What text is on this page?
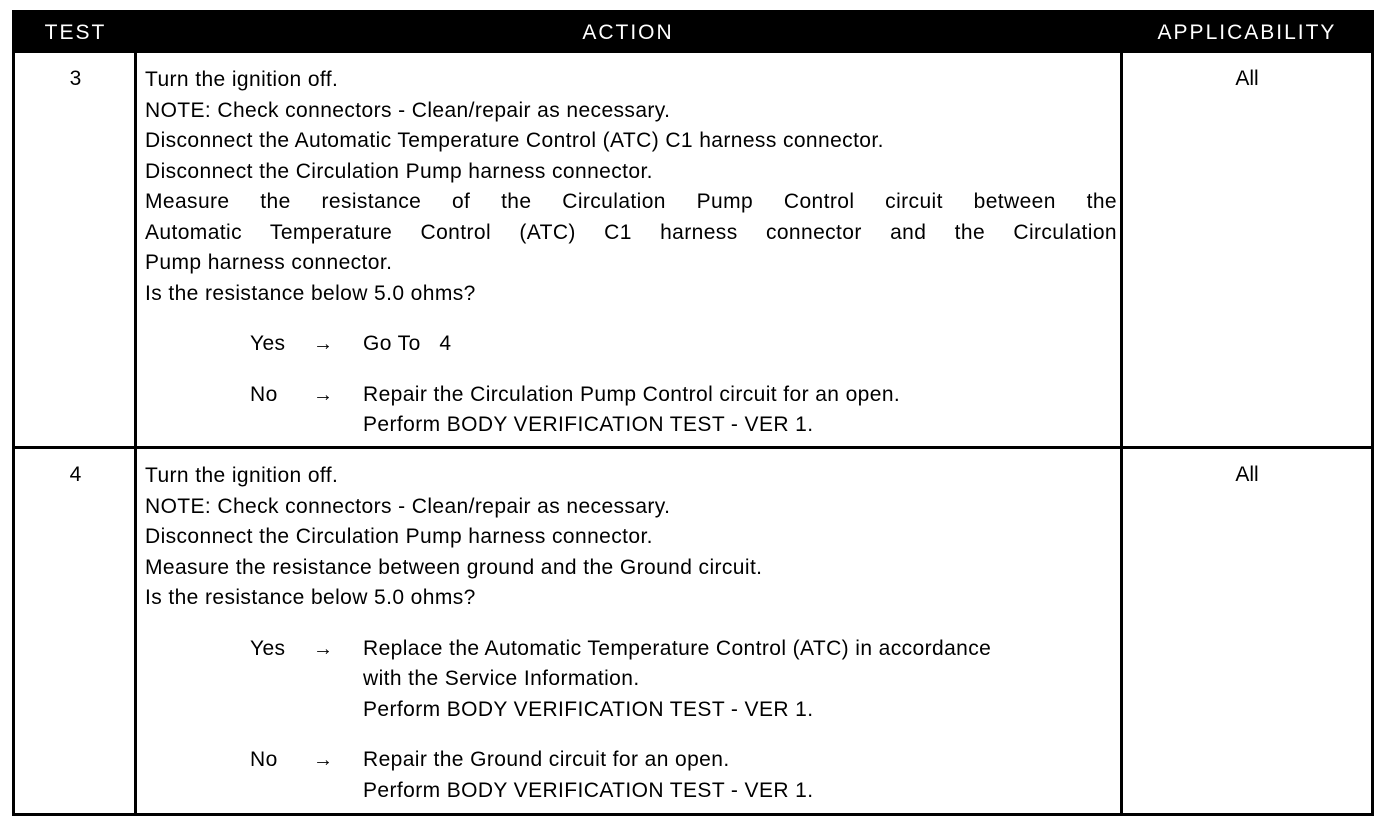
TEST	ACTION	APPLICABILITY
3	Turn the ignition off.
NOTE: Check connectors - Clean/repair as necessary.
Disconnect the Automatic Temperature Control (ATC) C1 harness connector.
Disconnect the Circulation Pump harness connector.
Measure the resistance of the Circulation Pump Control circuit between the
Automatic Temperature Control (ATC) C1 harness connector and the Circulation
Pump harness connector.
Is the resistance below 5.0 ohms?
Yes → Go To   4
No → Repair the Circulation Pump Control circuit for an open.
Perform BODY VERIFICATION TEST - VER 1.
All
4	Turn the ignition off.
NOTE: Check connectors - Clean/repair as necessary.
Disconnect the Circulation Pump harness connector.
Measure the resistance between ground and the Ground circuit.
Is the resistance below 5.0 ohms?
Yes → Replace the Automatic Temperature Control (ATC) in accordance
with the Service Information.
Perform BODY VERIFICATION TEST - VER 1.
No → Repair the Ground circuit for an open.
Perform BODY VERIFICATION TEST - VER 1.
All
